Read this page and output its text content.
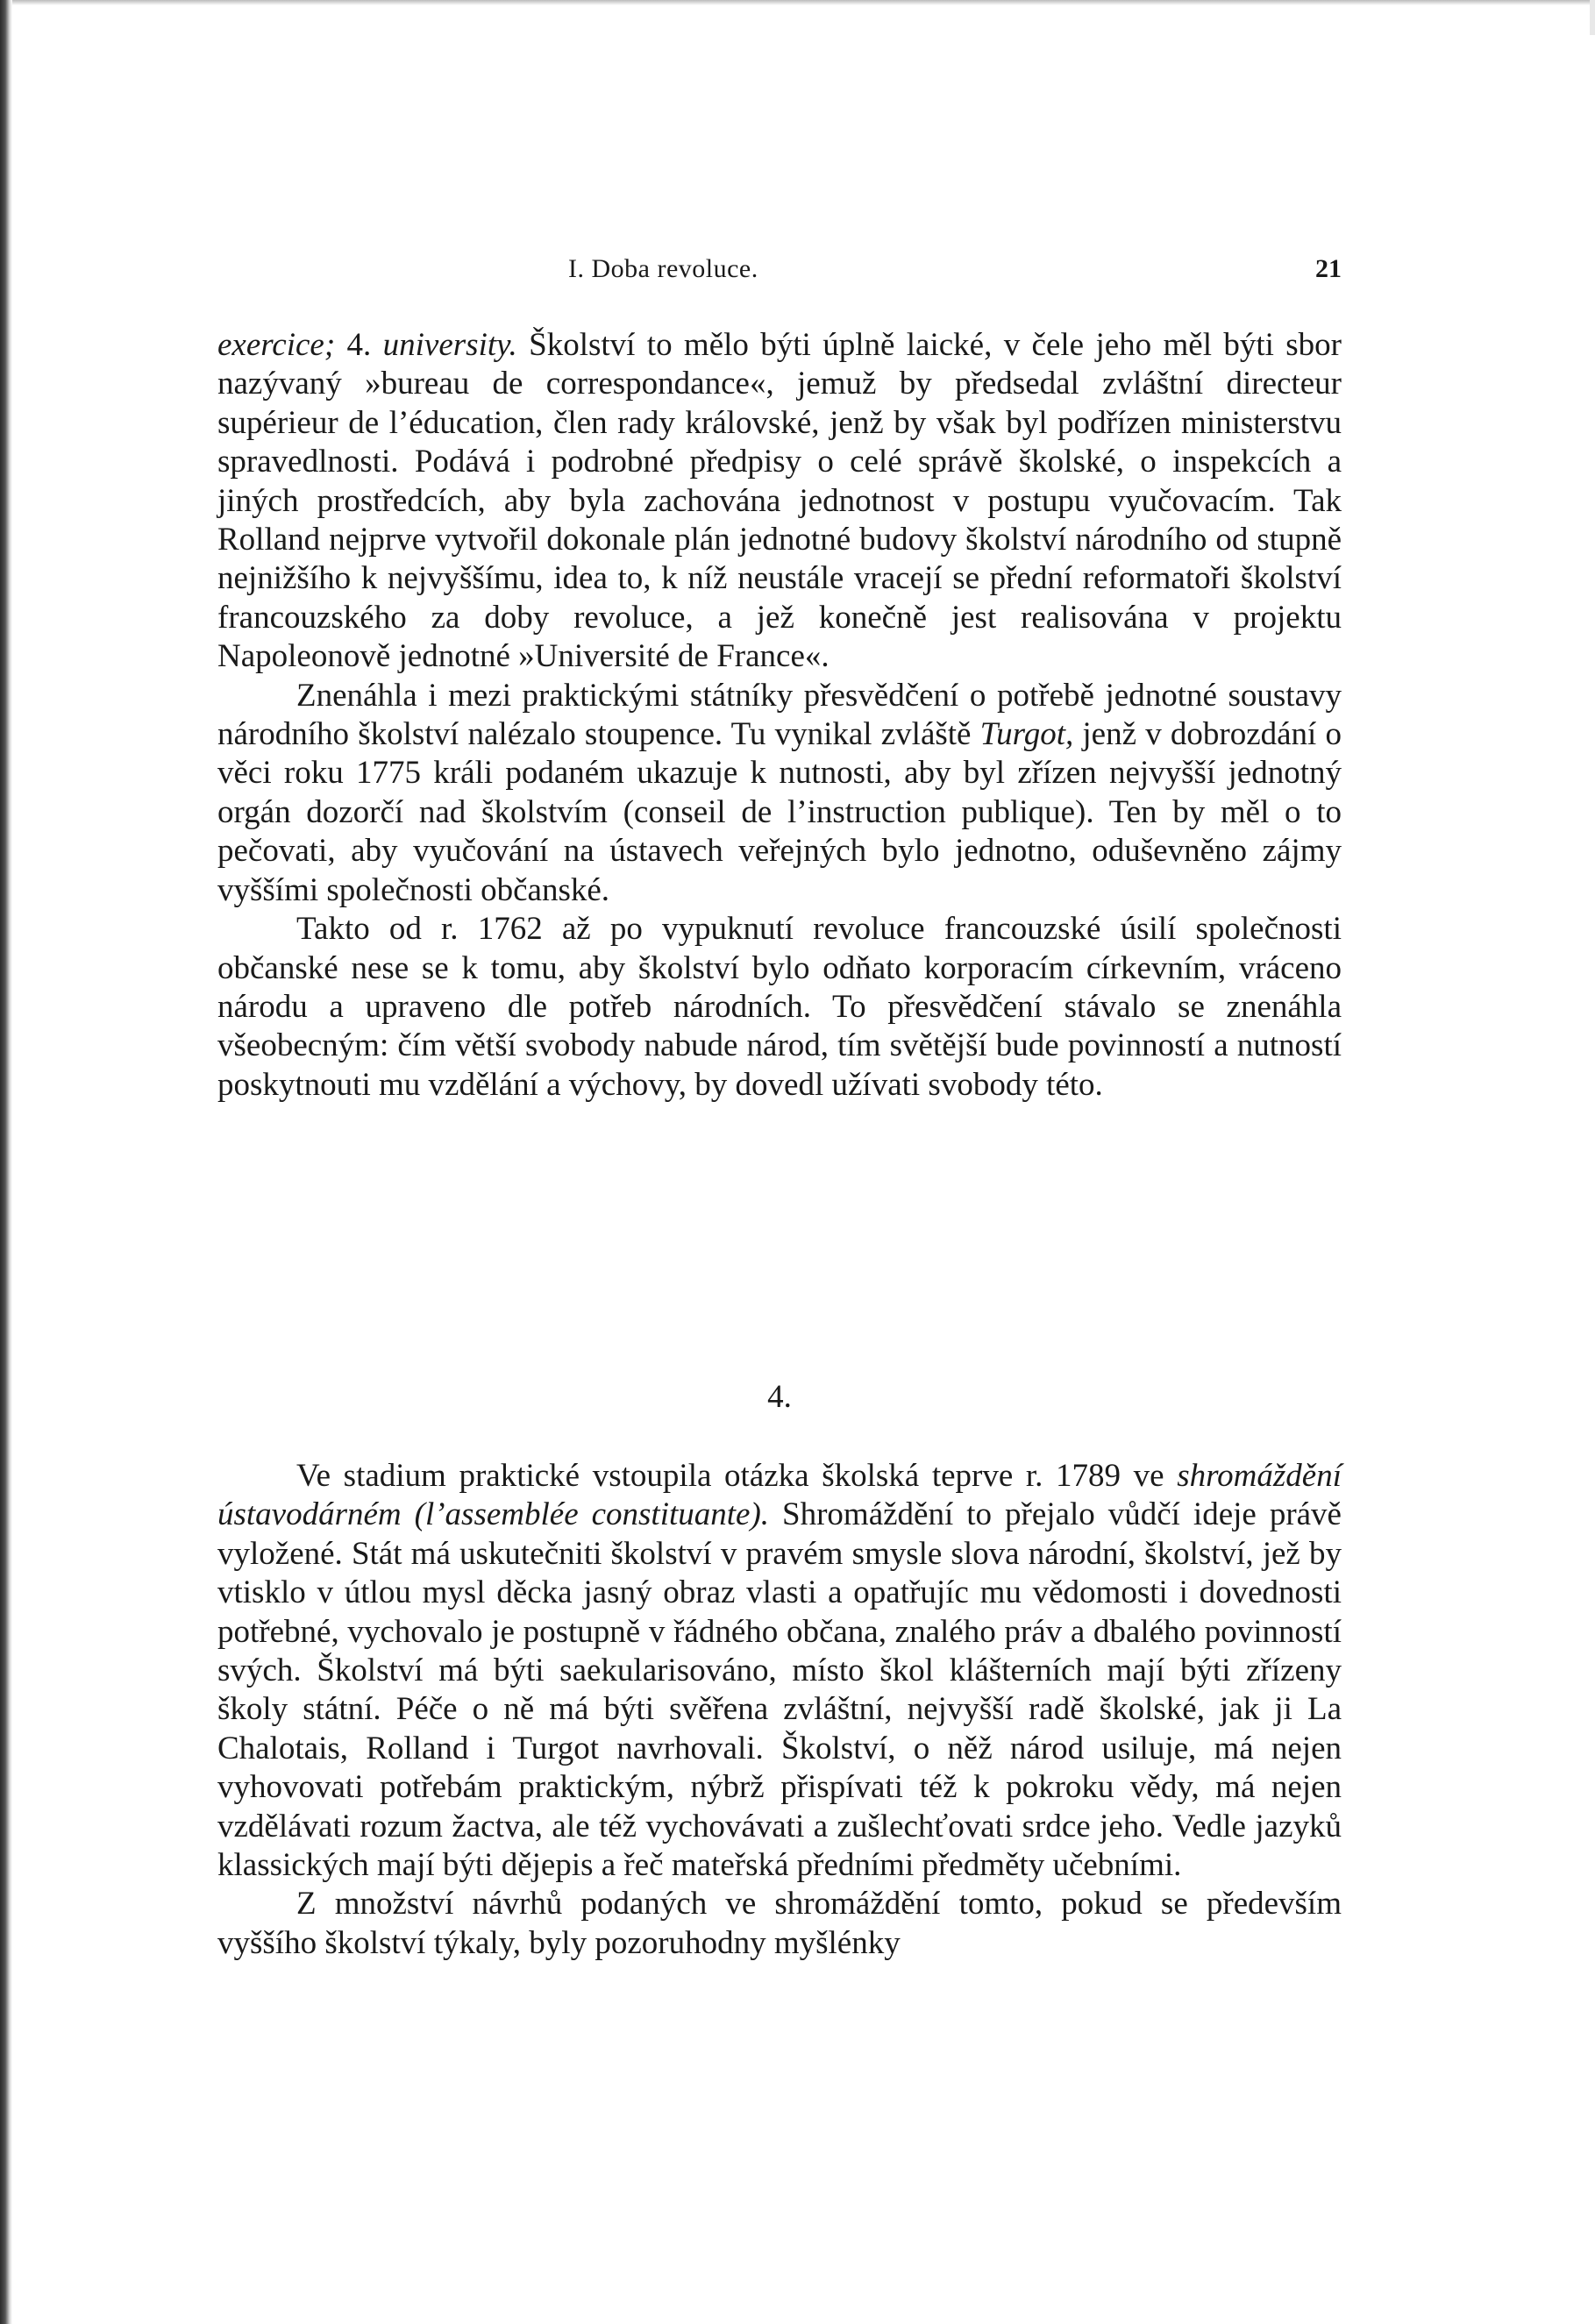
I. Doba revoluce.	21

exercice; 4. university. Školství to mělo býti úplně laické, v čele jeho měl býti sbor nazývaný »bureau de correspondance«, jemuž by předsedal zvláštní directeur supérieur de l’éducation, člen rady královské, jenž by však byl podřízen ministerstvu spravedlnosti. Podává i podrobné předpisy o celé správě školské, o inspekcích a jiných prostředcích, aby byla zachována jednotnost v postupu vyučovacím. Tak Rolland nejprve vytvořil dokonale plán jednotné budovy školství národního od stupně nejnižšího k nejvyššímu, idea to, k níž neustále vracejí se přední reformatoři školství francouzského za doby revoluce, a jež konečně jest realisována v projektu Napoleonově jednotné »Université de France«.

Znenáhla i mezi praktickými státníky přesvědčení o potřebě jednotné soustavy národního školství nalézalo stoupence. Tu vynikal zvláště Turgot, jenž v dobrozdání o věci roku 1775 králi podaném ukazuje k nutnosti, aby byl zřízen nejvyšší jednotný orgán dozorčí nad školstvím (conseil de l’instruction publique). Ten by měl o to pečovati, aby vyučování na ústavech veřejných bylo jednotno, oduševněno zájmy vyššími společnosti občanské.

Takto od r. 1762 až po vypuknutí revoluce francouzské úsilí společnosti občanské nese se k tomu, aby školství bylo odňato korporacím církevním, vráceno národu a upraveno dle potřeb národních. To přesvědčení stávalo se znenáhla všeobecným: čím větší svobody nabude národ, tím světější bude povinností a nutností poskytnouti mu vzdělání a výchovy, by dovedl užívati svobody této.

4.

Ve stadium praktické vstoupila otázka školská teprve r. 1789 ve shromáždění ústavodárném (l’assemblée constituante). Shromáždění to přejalo vůdčí ideje právě vyložené. Stát má uskutečniti školství v pravém smysle slova národní, školství, jež by vtisklo v útlou mysl děcka jasný obraz vlasti a opatřujíc mu vědomosti i dovednosti potřebné, vychovalo je postupně v řádného občana, znalého práv a dbalého povinností svých. Školství má býti saekularisováno, místo škol klášterních mají býti zřízeny školy státní. Péče o ně má býti svěřena zvláštní, nejvyšší radě školské, jak ji La Chalotais, Rolland i Turgot navrhovali. Školství, o něž národ usiluje, má nejen vyhovovati potřebám praktickým, nýbrž přispívati též k pokroku vědy, má nejen vzdělávati rozum žactva, ale též vychovávati a zušlechťovati srdce jeho. Vedle jazyků klassických mají býti dějepis a řeč mateřská předními předměty učebními.

Z množství návrhů podaných ve shromáždění tomto, pokud se především vyššího školství týkaly, byly pozoruhodny myšlénky
